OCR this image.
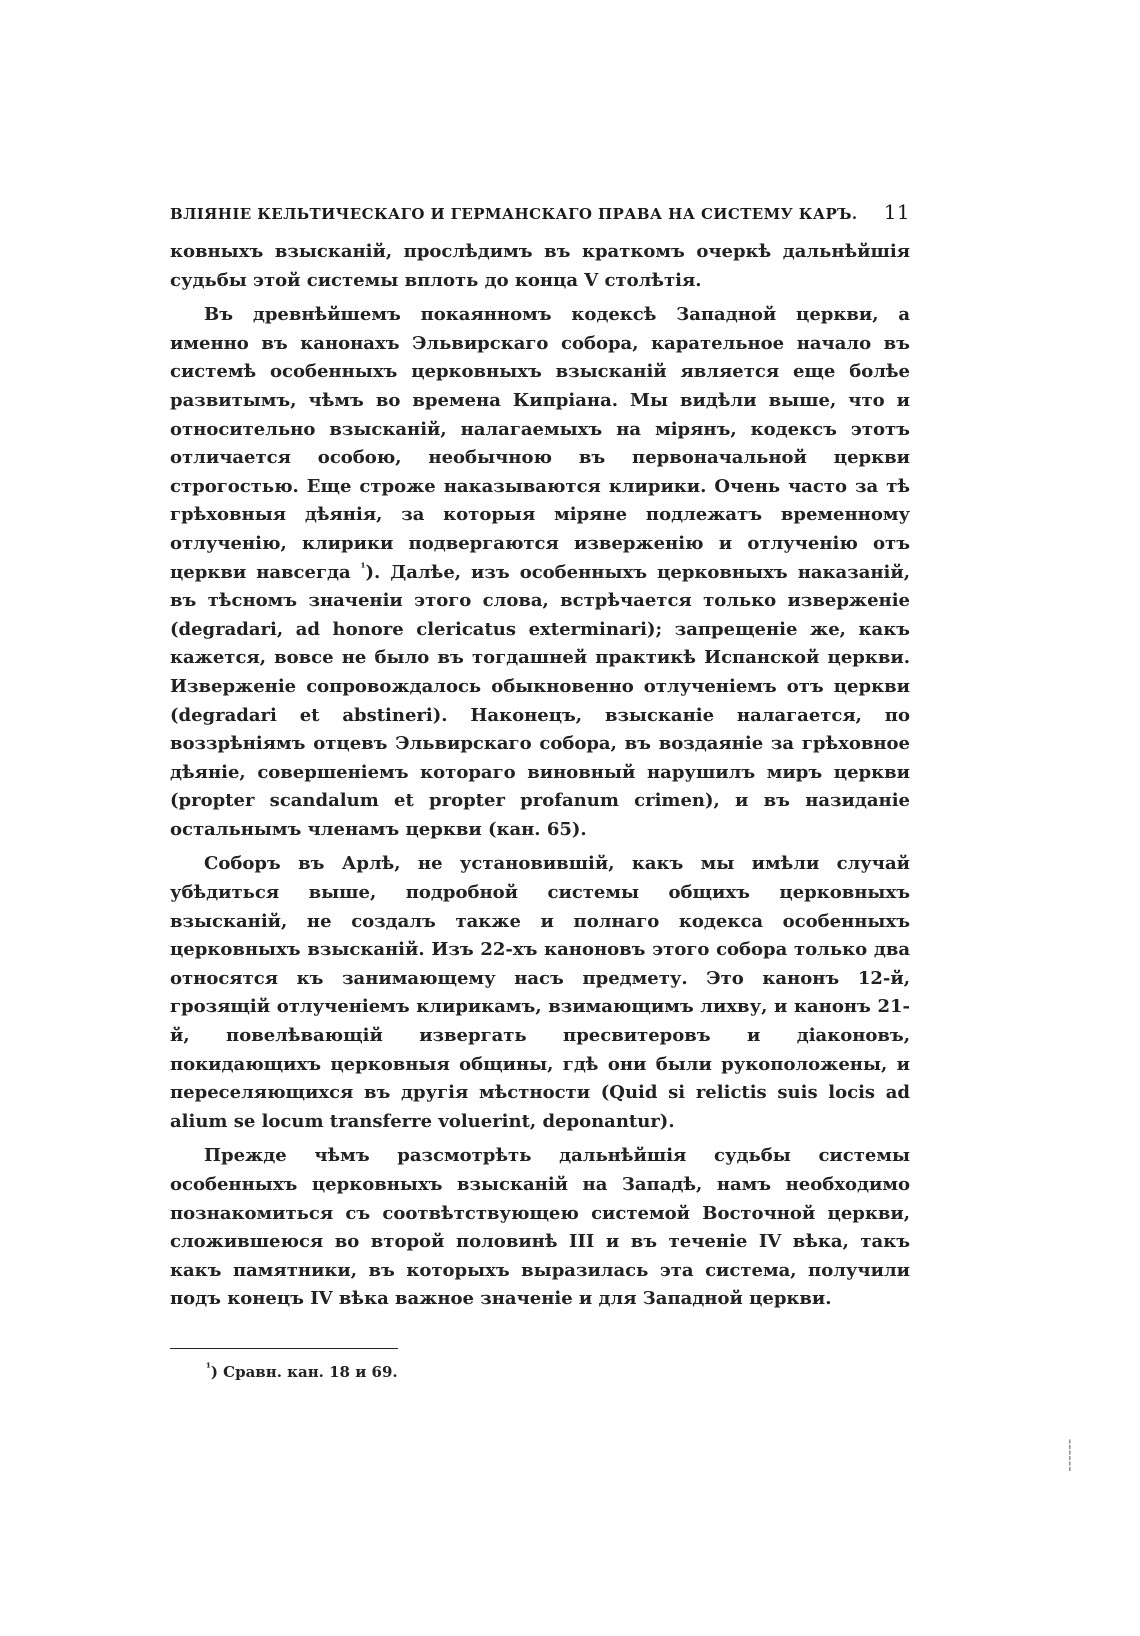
ВЛІЯНІЕ КЕЛЬТИЧЕСКАГО И ГЕРМАНСКАГО ПРАВА НА СИСТЕМУ КАРЪ. 11

ковныхъ взысканій, прослѣдимъ въ краткомъ очеркѣ дальнѣйшія судьбы этой системы вплоть до конца V столѣтія.

Въ древнѣйшемъ покаянномъ кодексѣ Западной церкви, а именно въ канонахъ Эльвирскаго собора, карательное начало въ системѣ особенныхъ церковныхъ взысканій является еще болѣе развитымъ, чѣмъ во времена Кипріана. Мы видѣли выше, что и относительно взысканій, налагаемыхъ на мірянъ, кодексъ этотъ отличается особою, необычною въ первоначальной церкви строгостью. Еще строже наказываются клирики. Очень часто за тѣ грѣховныя дѣянія, за которыя міряне подлежатъ временному отлученію, клирики подвергаются изверженію и отлученію отъ церкви навсегда $^{^1}$). Далѣе, изъ особенныхъ церковныхъ наказаній, въ тѣсномъ значеніи этого слова, встрѣчается только изверженіе (degradari, ad honore clericatus exterminari); запрещеніе же, какъ кажется, вовсе не было въ тогдашней практикѣ Испанской церкви. Изверженіе сопровождалось обыкновенно отлученіемъ отъ церкви (degradari et abstineri). Наконецъ, взысканіе налагается, по воззрѣніямъ отцевъ Эльвирскаго собора, въ воздаяніе за грѣховное дѣяніе, совершеніемъ котораго виновный нарушилъ миръ церкви (propter scandalum et propter profanum crimen), и въ назиданіе остальнымъ членамъ церкви (кан. 65).

Соборъ въ Арлѣ, не установившій, какъ мы имѣли случай убѣдиться выше, подробной системы общихъ церковныхъ взысканій, не создалъ также и полнаго кодекса особенныхъ церковныхъ взысканій. Изъ 22-хъ каноновъ этого собора только два относятся къ занимающему насъ предмету. Это канонъ 12-й, грозящій отлученіемъ клирикамъ, взимающимъ лихву, и канонъ 21-й, повелѣвающій извергать пресвитеровъ и діаконовъ, покидающихъ церковныя общины, гдѣ они были рукоположены, и переселяющихся въ другія мѣстности (Quid si relictis suis locis ad alium se locum transferre voluerint, deponantur).

Прежде чѣмъ разсмотрѣть дальнѣйшія судьбы системы особенныхъ церковныхъ взысканій на Западѣ, намъ необходимо познакомиться съ соотвѣтствующею системой Восточной церкви, сложившеюся во второй половинѣ III и въ теченіе IV вѣка, такъ какъ памятники, въ которыхъ выразилась эта система, получили подъ конецъ IV вѣка важное значеніе и для Западной церкви.

$^{^1}$) Сравн. кан. 18 и 69.
¦ ¦ ¦
